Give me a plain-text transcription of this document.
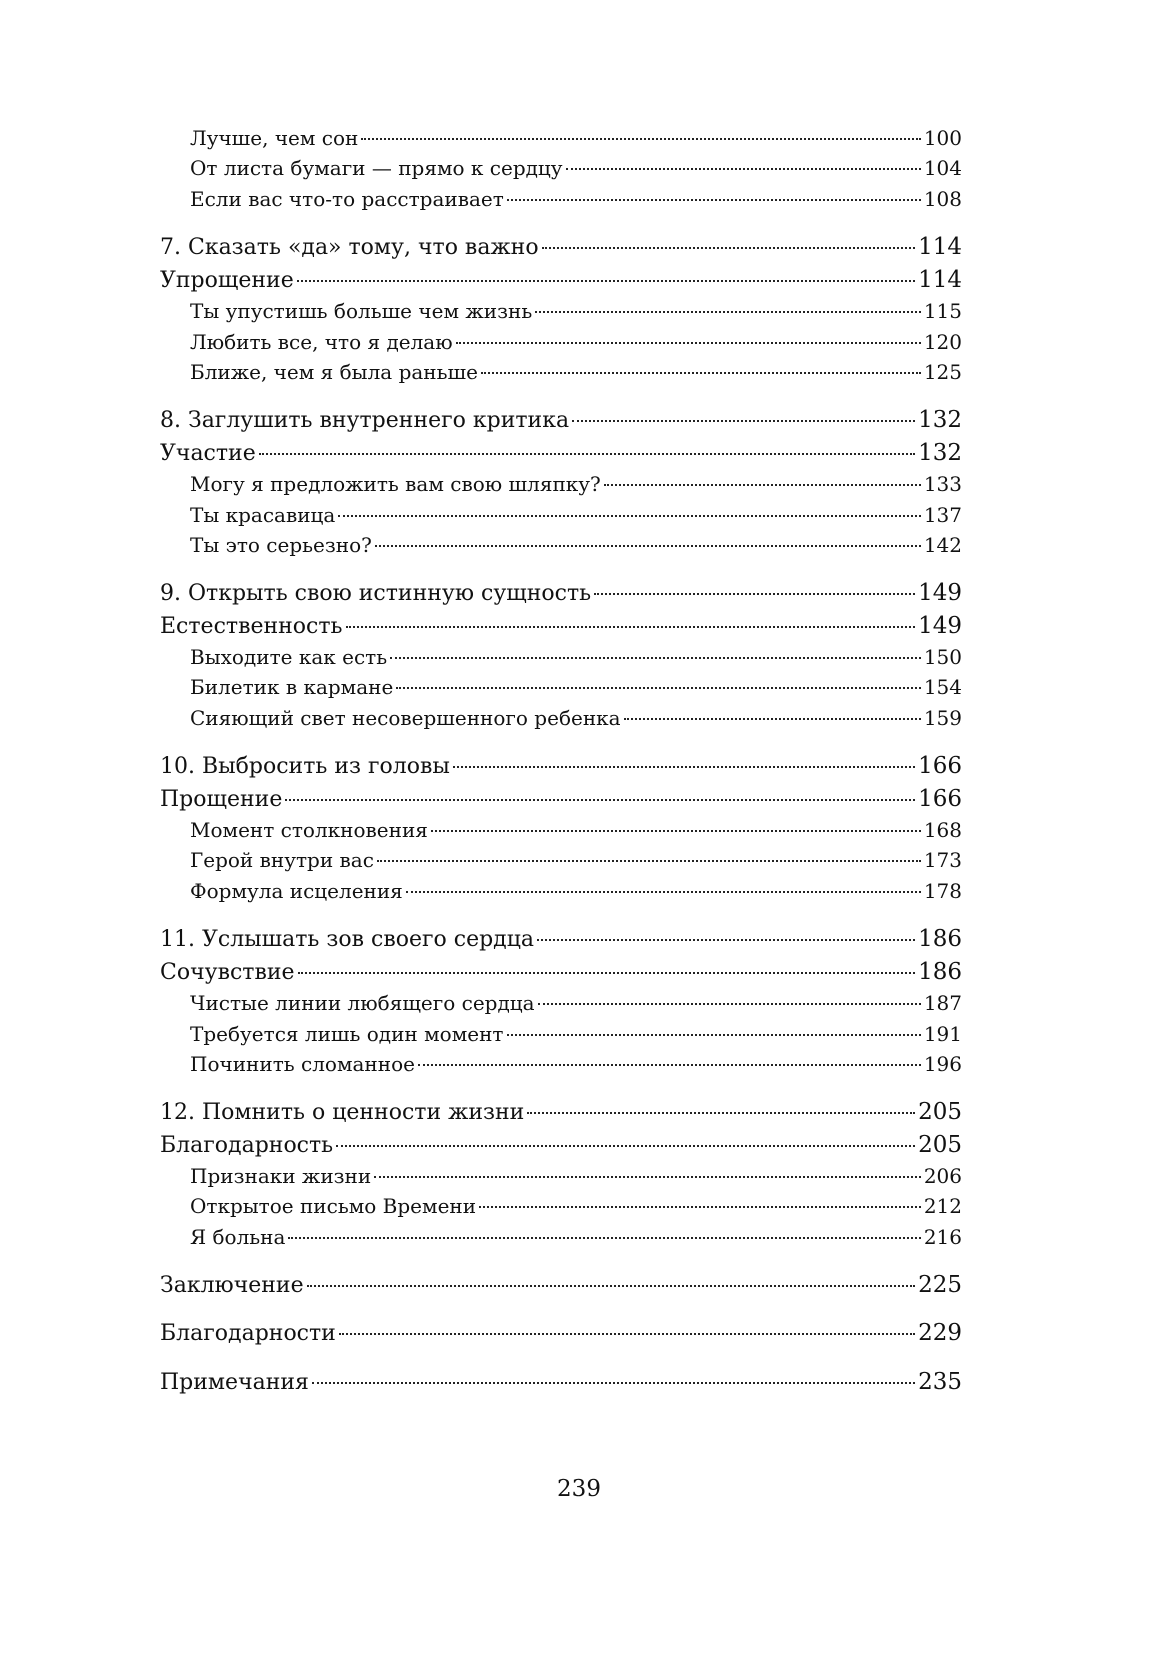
Лучше, чем сон	100
От листа бумаги — прямо к сердцу	104
Если вас что-то расстраивает	108
7. Сказать «да» тому, что важно	114
Упрощение	114
Ты упустишь больше чем жизнь	115
Любить все, что я делаю	120
Ближе, чем я была раньше	125
8. Заглушить внутреннего критика	132
Участие	132
Могу я предложить вам свою шляпку?	133
Ты красавица	137
Ты это серьезно?	142
9. Открыть свою истинную сущность	149
Естественность	149
Выходите как есть	150
Билетик в кармане	154
Сияющий свет несовершенного ребенка	159
10. Выбросить из головы	166
Прощение	166
Момент столкновения	168
Герой внутри вас	173
Формула исцеления	178
11. Услышать зов своего сердца	186
Сочувствие	186
Чистые линии любящего сердца	187
Требуется лишь один момент	191
Починить сломанное	196
12. Помнить о ценности жизни	205
Благодарность	205
Признаки жизни	206
Открытое письмо Времени	212
Я больна	216
Заключение	225
Благодарности	229
Примечания	235
239
